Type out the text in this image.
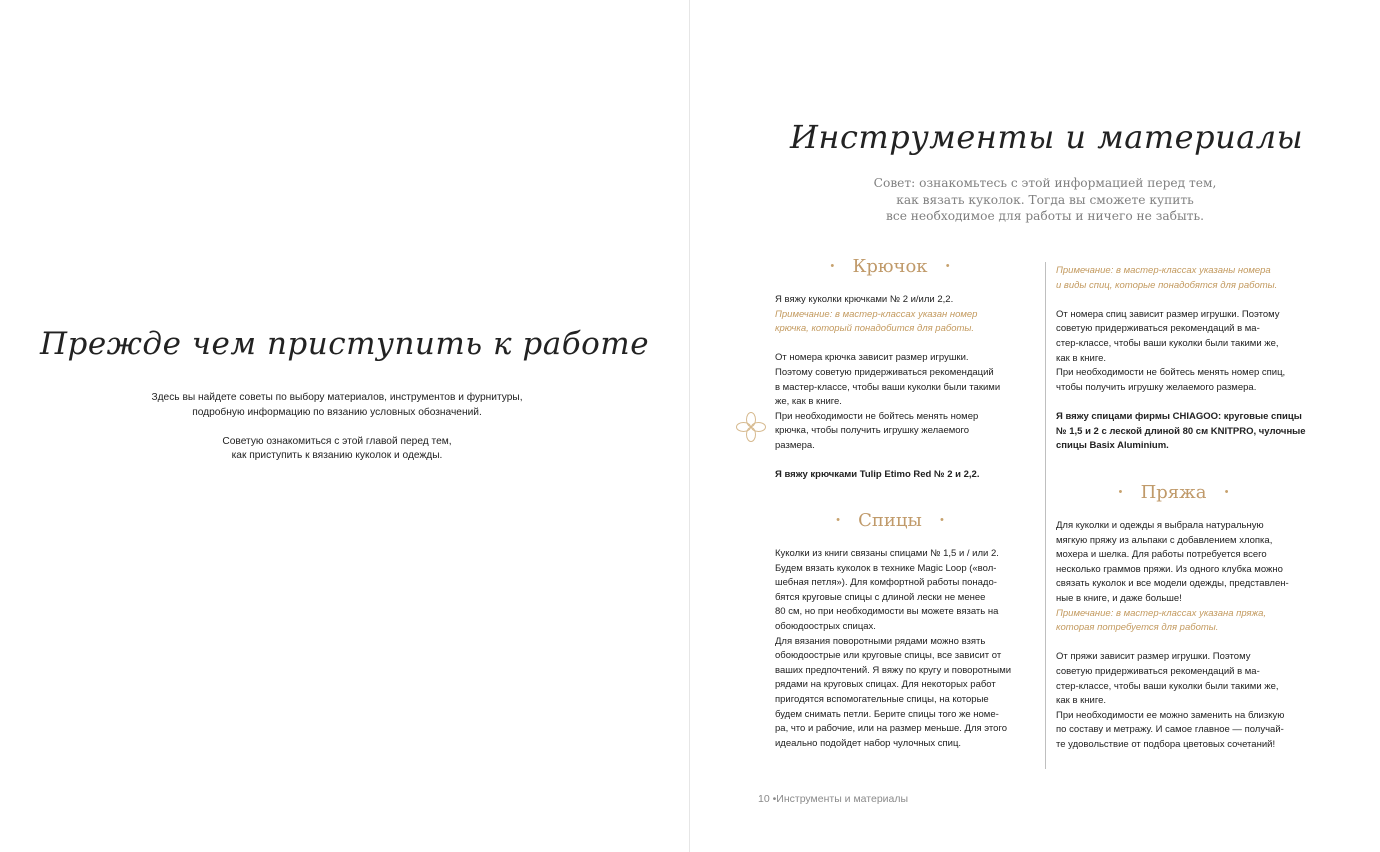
Прежде чем приступить к работе

Здесь вы найдете советы по выбору материалов, инструментов и фурнитуры,
подробную информацию по вязанию условных обозначений.

Советую ознакомиться с этой главой перед тем,
как приступить к вязанию куколок и одежды.

Инструменты и материалы
Совет: ознакомьтесь с этой информацией перед тем,
как вязать куколок. Тогда вы сможете купить
все необходимое для работы и ничего не забыть.
• Крючок •

Я вяжу куколки крючками № 2 и/или 2,2.

Примечание: в мастер-классах указан номер

крючка, который понадобится для работы.

От номера крючка зависит размер игрушки.

Поэтому советую придерживаться рекомендаций

в мастер-классе, чтобы ваши куколки были такими

же, как в книге.

При необходимости не бойтесь менять номер

крючка, чтобы получить игрушку желаемого

размера.

Я вяжу крючками Tulip Etimo Red № 2 и 2,2.

• Спицы •

Куколки из книги связаны спицами № 1,5 и / или 2.

Будем вязать куколок в технике Magic Loop («вол-

шебная петля»). Для комфортной работы понадо-

бятся круговые спицы с длиной лески не менее

80 см, но при необходимости вы можете вязать на

обоюдоострых спицах.

Для вязания поворотными рядами можно взять

обоюдоострые или круговые спицы, все зависит от

ваших предпочтений. Я вяжу по кругу и поворотными

рядами на круговых спицах. Для некоторых работ

пригодятся вспомогательные спицы, на которые

будем снимать петли. Берите спицы того же номе-

ра, что и рабочие, или на размер меньше. Для этого

идеально подойдет набор чулочных спиц.

Примечание: в мастер-классах указаны номера

и виды спиц, которые понадобятся для работы.

От номера спиц зависит размер игрушки. Поэтому

советую придерживаться рекомендаций в ма-

стер-классе, чтобы ваши куколки были такими же,

как в книге.

При необходимости не бойтесь менять номер спиц,

чтобы получить игрушку желаемого размера.

Я вяжу спицами фирмы CHIAGOO: круговые спицы

№ 1,5 и 2 с леской длиной 80 см KNITPRO, чулочные

спицы Basix Aluminium.

• Пряжа •

Для куколки и одежды я выбрала натуральную

мягкую пряжу из альпаки с добавлением хлопка,

мохера и шелка. Для работы потребуется всего

несколько граммов пряжи. Из одного клубка можно

связать куколок и все модели одежды, представлен-

ные в книге, и даже больше!

Примечание: в мастер-классах указана пряжа,

которая потребуется для работы.

От пряжи зависит размер игрушки. Поэтому

советую придерживаться рекомендаций в ма-

стер-классе, чтобы ваши куколки были такими же,

как в книге.

При необходимости ее можно заменить на близкую

по составу и метражу. И самое главное — получай-

те удовольствие от подбора цветовых сочетаний!

10 •Инструменты и материалы
